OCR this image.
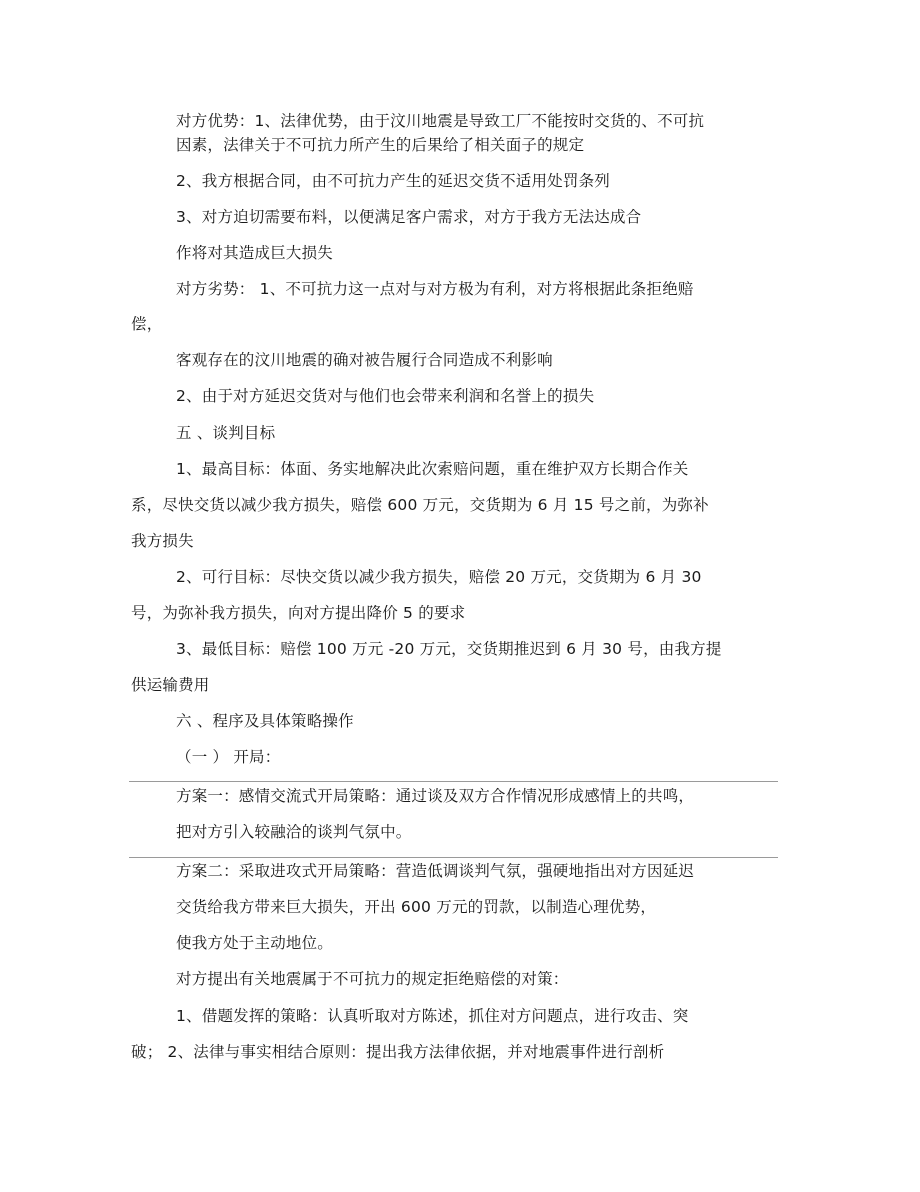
对方优势：1、法律优势，由于汶川地震是导致工厂不能按时交货的、不可抗
因素，法律关于不可抗力所产生的后果给了相关面子的规定
2、我方根据合同，由不可抗力产生的延迟交货不适用处罚条列
3、对方迫切需要布料，以便满足客户需求，对方于我方无法达成合
作将对其造成巨大损失
对方劣势： 1、不可抗力这一点对与对方极为有利，对方将根据此条拒绝赔
偿，
客观存在的汶川地震的确对被告履行合同造成不利影响
2、由于对方延迟交货对与他们也会带来利润和名誉上的损失
五 、谈判目标
1、最高目标：体面、务实地解决此次索赔问题，重在维护双方长期合作关
系，尽快交货以减少我方损失，赔偿 600 万元，交货期为 6 月 15 号之前，为弥补
我方损失
2、可行目标：尽快交货以减少我方损失，赔偿 20 万元，交货期为 6 月 30
号，为弥补我方损失，向对方提出降价 5 的要求
3、最低目标：赔偿 100 万元 -20 万元，交货期推迟到 6 月 30 号，由我方提
供运输费用
六 、程序及具体策略操作
（一 ） 开局：
方案一：感情交流式开局策略：通过谈及双方合作情况形成感情上的共鸣，
把对方引入较融洽的谈判气氛中。
方案二：采取进攻式开局策略：营造低调谈判气氛，强硬地指出对方因延迟
交货给我方带来巨大损失，开出 600 万元的罚款，以制造心理优势，
使我方处于主动地位。
对方提出有关地震属于不可抗力的规定拒绝赔偿的对策：
1、借题发挥的策略：认真听取对方陈述，抓住对方问题点，进行攻击、突
破； 2、法律与事实相结合原则：提出我方法律依据，并对地震事件进行剖析
